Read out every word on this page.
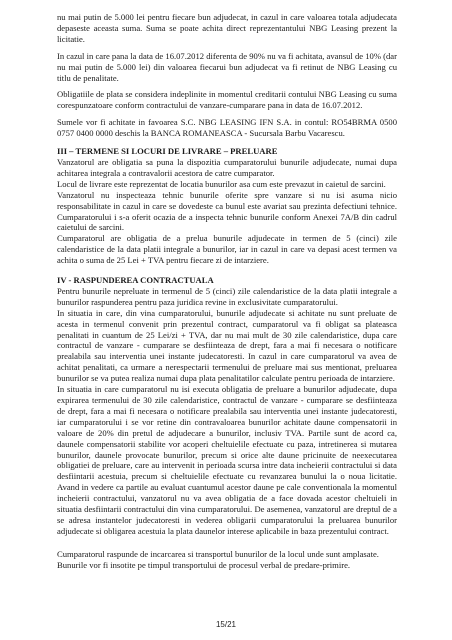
nu mai putin de 5.000 lei pentru fiecare bun adjudecat, in cazul in care valoarea totala adjudecata depaseste aceasta suma. Suma se poate achita direct reprezentantului NBG Leasing prezent la licitatie.

In cazul in care pana la data de 16.07.2012 diferenta de 90% nu va fi achitata, avansul de 10% (dar nu mai putin de 5.000 lei) din valoarea fiecarui bun adjudecat va fi retinut de NBG Leasing cu titlu de penalitate.

Obligatiile de plata se considera indeplinite in momentul creditarii contului NBG Leasing cu suma corespunzatoare conform contractului de vanzare-cumparare pana in data de 16.07.2012.

Sumele vor fi achitate in favoarea S.C. NBG LEASING IFN S.A. in contul: RO54BRMA 0500 0757 0400 0000 deschis la BANCA ROMANEASCA - Sucursala Barbu Vacarescu.

III – TERMENE SI LOCURI DE LIVRARE – PRELUARE

Vanzatorul are obligatia sa puna la dispozitia cumparatorului bunurile adjudecate, numai dupa achitarea integrala a contravalorii acestora de catre cumparator.

Locul de livrare este reprezentat de locatia bunurilor asa cum este prevazut in caietul de sarcini.

Vanzatorul nu inspecteaza tehnic bunurile oferite spre vanzare si nu isi asuma nicio responsabilitate in cazul in care se dovedeste ca bunul este avariat sau prezinta defectiuni tehnice. Cumparatorului i s-a oferit ocazia de a inspecta tehnic bunurile conform Anexei 7A/B din cadrul caietului de sarcini.

Cumparatorul are obligatia de a prelua bunurile adjudecate in termen de 5 (cinci) zile calendaristice de la data platii integrale a bunurilor, iar in cazul in care va depasi acest termen va achita o suma de 25 Lei + TVA pentru fiecare zi de intarziere.

IV - RASPUNDEREA CONTRACTUALA

Pentru bunurile nepreluate in termenul de 5 (cinci) zile calendaristice de la data platii integrale a bunurilor raspunderea pentru paza juridica revine in exclusivitate cumparatorului.

In situatia in care, din vina cumparatorului, bunurile adjudecate si achitate nu sunt preluate de acesta in termenul convenit prin prezentul contract, cumparatorul va fi obligat sa plateasca penalitati in cuantum de 25 Lei/zi + TVA, dar nu mai mult de 30 zile calendaristice, dupa care contractul de vanzare - cumparare se desfiinteaza de drept, fara a mai fi necesara o notificare prealabila sau interventia unei instante judecatoresti. In cazul in care cumparatorul va avea de achitat penalitati, ca urmare a nerespectarii termenului de preluare mai sus mentionat, preluarea bunurilor se va putea realiza numai dupa plata penalitatilor calculate pentru perioada de intarziere.

In situatia in care cumparatorul nu isi executa obligatia de preluare a bunurilor adjudecate, dupa expirarea termenului de 30 zile calendaristice, contractul de vanzare - cumparare se desfiinteaza de drept, fara a mai fi necesara o notificare prealabila sau interventia unei instante judecatoresti, iar cumparatorului i se vor retine din contravaloarea bunurilor achitate daune compensatorii in valoare de 20% din pretul de adjudecare a bunurilor, inclusiv TVA. Partile sunt de acord ca, daunele compensatorii stabilite vor acoperi cheltuielile efectuate cu paza, intretinerea si mutarea bunurilor, daunele provocate bunurilor, precum si orice alte daune pricinuite de neexecutarea obligatiei de preluare, care au intervenit in perioada scursa intre data incheierii contractului si data desfiintarii acestuia, precum si cheltuielile efectuate cu revanzarea bunului la o noua licitatie. Avand in vedere ca partile au evaluat cuantumul acestor daune pe cale conventionala la momentul incheierii contractului, vanzatorul nu va avea obligatia de a face dovada acestor cheltuieli in situatia desfiintarii contractului din vina cumparatorului. De asemenea, vanzatorul are dreptul de a se adresa instantelor judecatoresti in vederea obligarii cumparatorului la preluarea bunurilor adjudecate si obligarea acestuia la plata daunelor interese aplicabile in baza prezentului contract.

Cumparatorul raspunde de incarcarea si transportul bunurilor de la locul unde sunt amplasate.

Bunurile vor fi insotite pe timpul transportului de procesul verbal de predare-primire.

15/21
